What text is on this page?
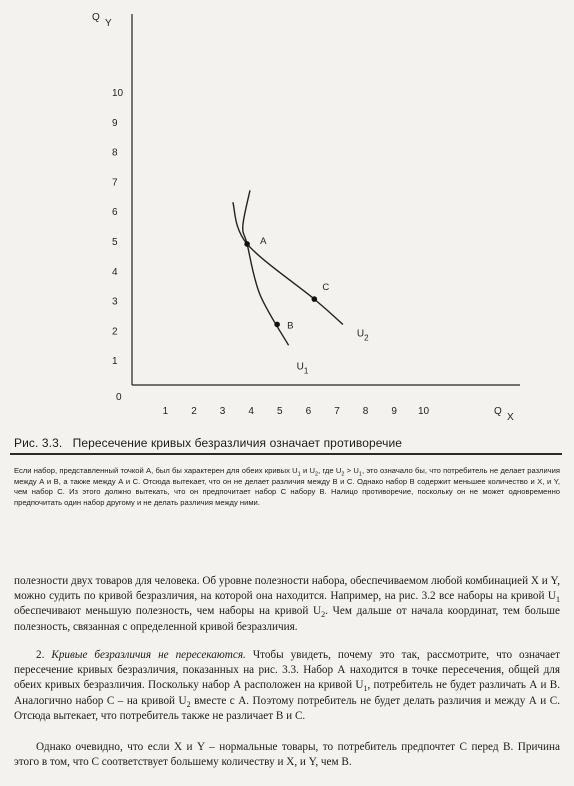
Q
Y
Q
X
0
1
2
3
4
5
6
7
8
9
10
1 2 3 4 5 6 7 8 9 10
$U_1$
$U_2$
A
B
C
Рис. 3.3. Пересечение кривых безразличия означает противоречие
Если набор, представленный точкой А, был бы характерен для обеих кривых $U_1$ и $U_2$, где $U_2 > U_1$, это означало бы, что потребитель не делает различия между А и В, а также между А и С. Отсюда вытекает, что он не делает различия между В и С. Однако набор В содержит меньшее количество и X, и Y, чем набор С. Из этого должно вытекать, что он предпочитает набор С набору В. Налицо противоречие, поскольку он не может одновременно предпочитать один набор другому и не делать различия между ними.

полезности двух товаров для человека. Об уровне полезности набора, обеспечиваемом любой комбинацией X и Y, можно судить по кривой безразличия, на которой она находится. Например, на рис. 3.2 все наборы на кривой $U_1$ обеспечивают меньшую полезность, чем наборы на кривой $U_2$. Чем дальше от начала координат, тем больше полезность, связанная с определенной кривой безразличия.

2. Кривые безразличия не пересекаются. Чтобы увидеть, почему это так, рассмотрите, что означает пересечение кривых безразличия, показанных на рис. 3.3. Набор А находится в точке пересечения, общей для обеих кривых безразличия. Поскольку набор А расположен на кривой $U_1$, потребитель не будет различать А и В. Аналогично набор С – на кривой $U_2$ вместе с А. Поэтому потребитель не будет делать различия и между А и С. Отсюда вытекает, что потребитель также не различает В и С.

Однако очевидно, что если X и Y – нормальные товары, то потребитель предпочтет С перед В. Причина этого в том, что С соответствует большему количеству и X, и Y, чем В.
